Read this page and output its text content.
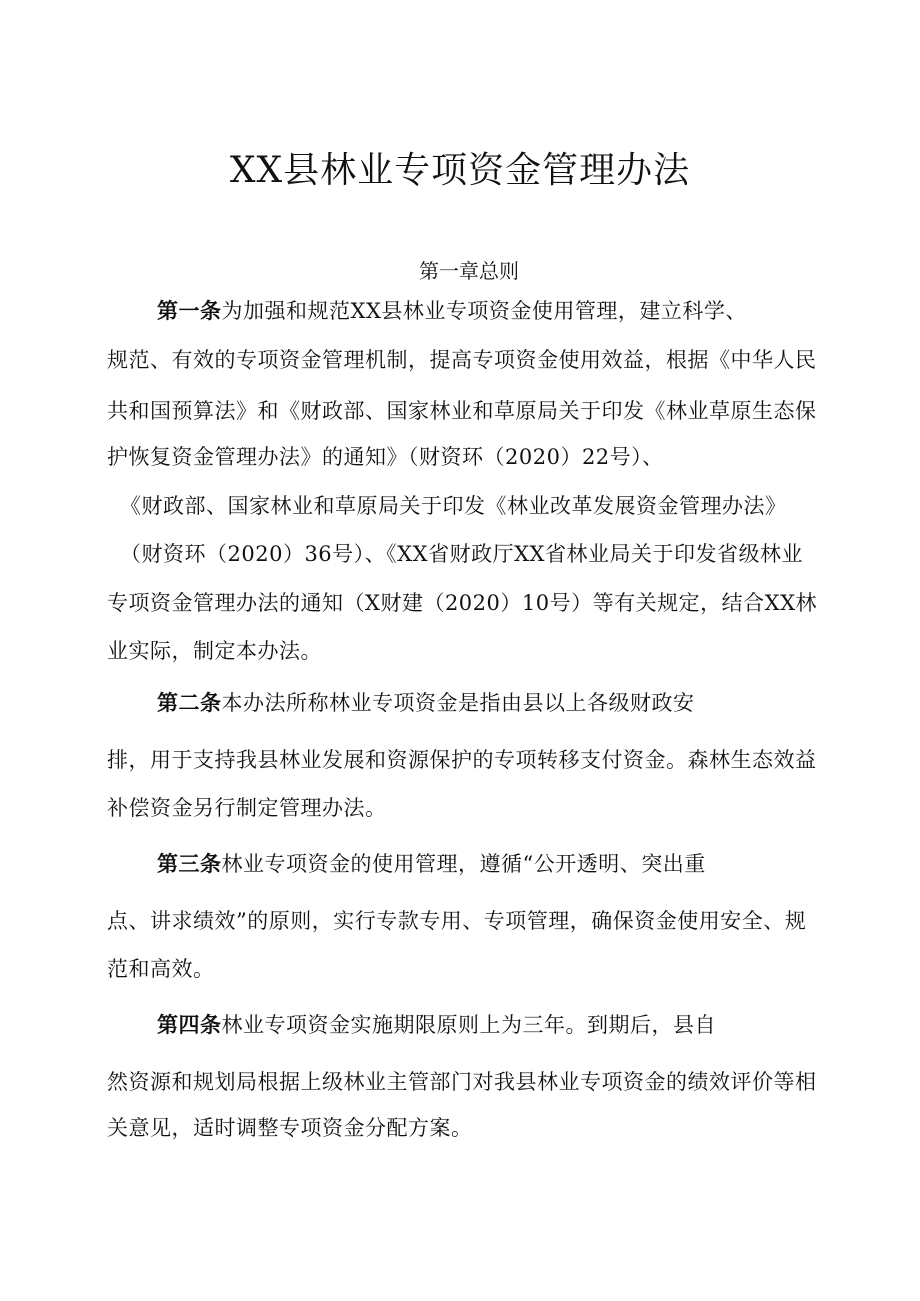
XX县林业专项资金管理办法
第一章总则
第一条为加强和规范XX县林业专项资金使用管理，建立科学、
规范、有效的专项资金管理机制，提高专项资金使用效益，根据《中华人民
共和国预算法》和《财政部、国家林业和草原局关于印发《林业草原生态保
护恢复资金管理办法》的通知》（财资环（2020）22号）、
《财政部、国家林业和草原局关于印发《林业改革发展资金管理办法》
（财资环（2020）36号）、《XX省财政厅XX省林业局关于印发省级林业
专项资金管理办法的通知（X财建（2020）10号）等有关规定，结合XX林
业实际，制定本办法。
第二条本办法所称林业专项资金是指由县以上各级财政安
排，用于支持我县林业发展和资源保护的专项转移支付资金。森林生态效益
补偿资金另行制定管理办法。
第三条林业专项资金的使用管理，遵循“公开透明、突出重
点、讲求绩效”的原则，实行专款专用、专项管理，确保资金使用安全、规
范和高效。
第四条林业专项资金实施期限原则上为三年。到期后，县自
然资源和规划局根据上级林业主管部门对我县林业专项资金的绩效评价等相
关意见，适时调整专项资金分配方案。
